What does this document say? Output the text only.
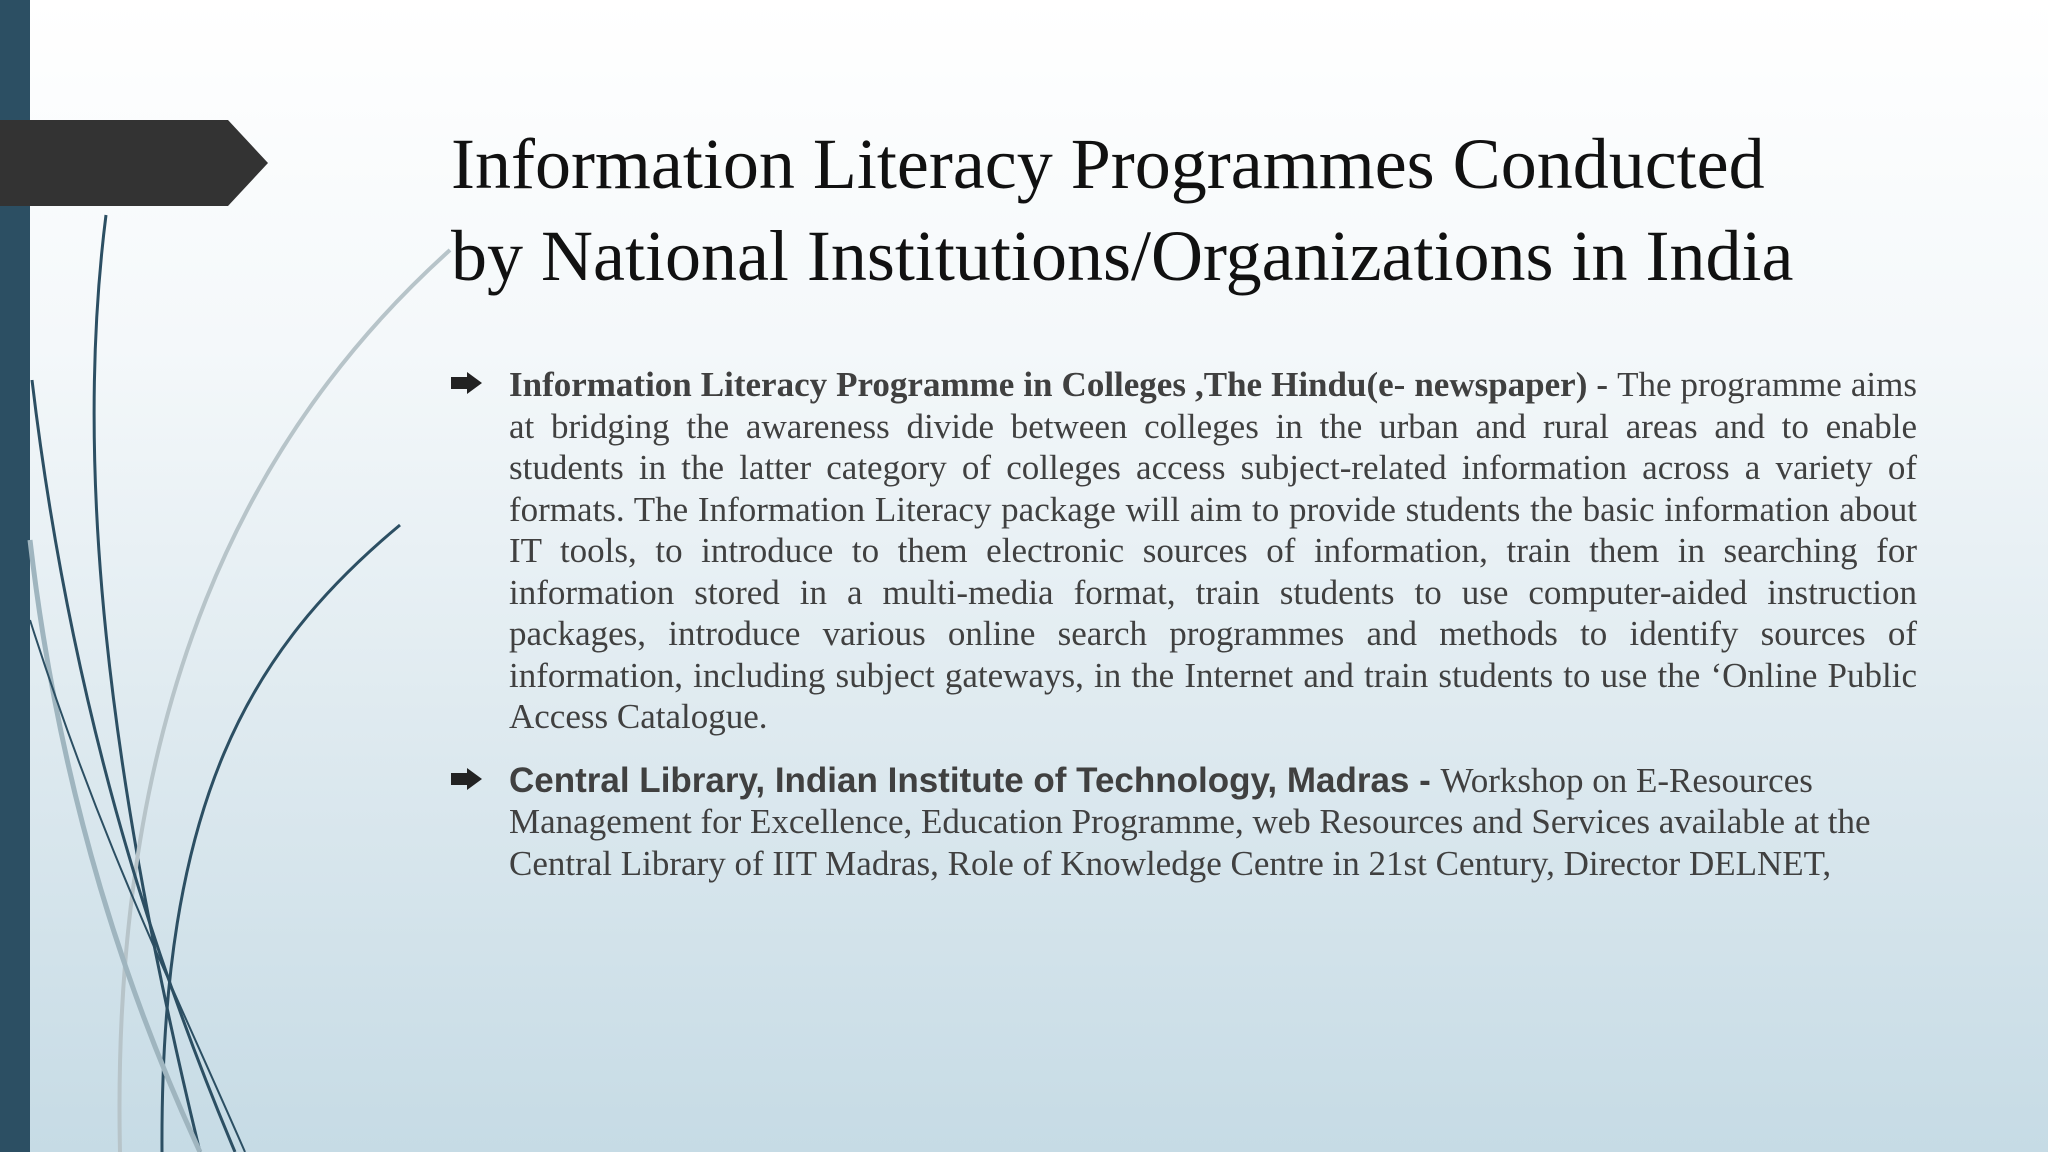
Information Literacy Programmes Conducted
by National Institutions/Organizations in India
Information Literacy Programme in Colleges ,The Hindu(e- newspaper) - The programme aims at bridging the awareness divide between colleges in the urban and rural areas and to enable students in the latter category of colleges access subject-related information across a variety of formats. The Information Literacy package will aim to provide students the basic information about IT tools, to introduce to them electronic sources of information, train them in searching for information stored in a multi-media format, train students to use computer-aided instruction packages, introduce various online search programmes and methods to identify sources of information, including subject gateways, in the Internet and train students to use the ‘Online Public Access Catalogue.
Central Library, Indian Institute of Technology, Madras - Workshop on E-Resources Management for Excellence, Education Programme, web Resources and Services available at the Central Library of IIT Madras, Role of Knowledge Centre in 21st Century, Director DELNET,
